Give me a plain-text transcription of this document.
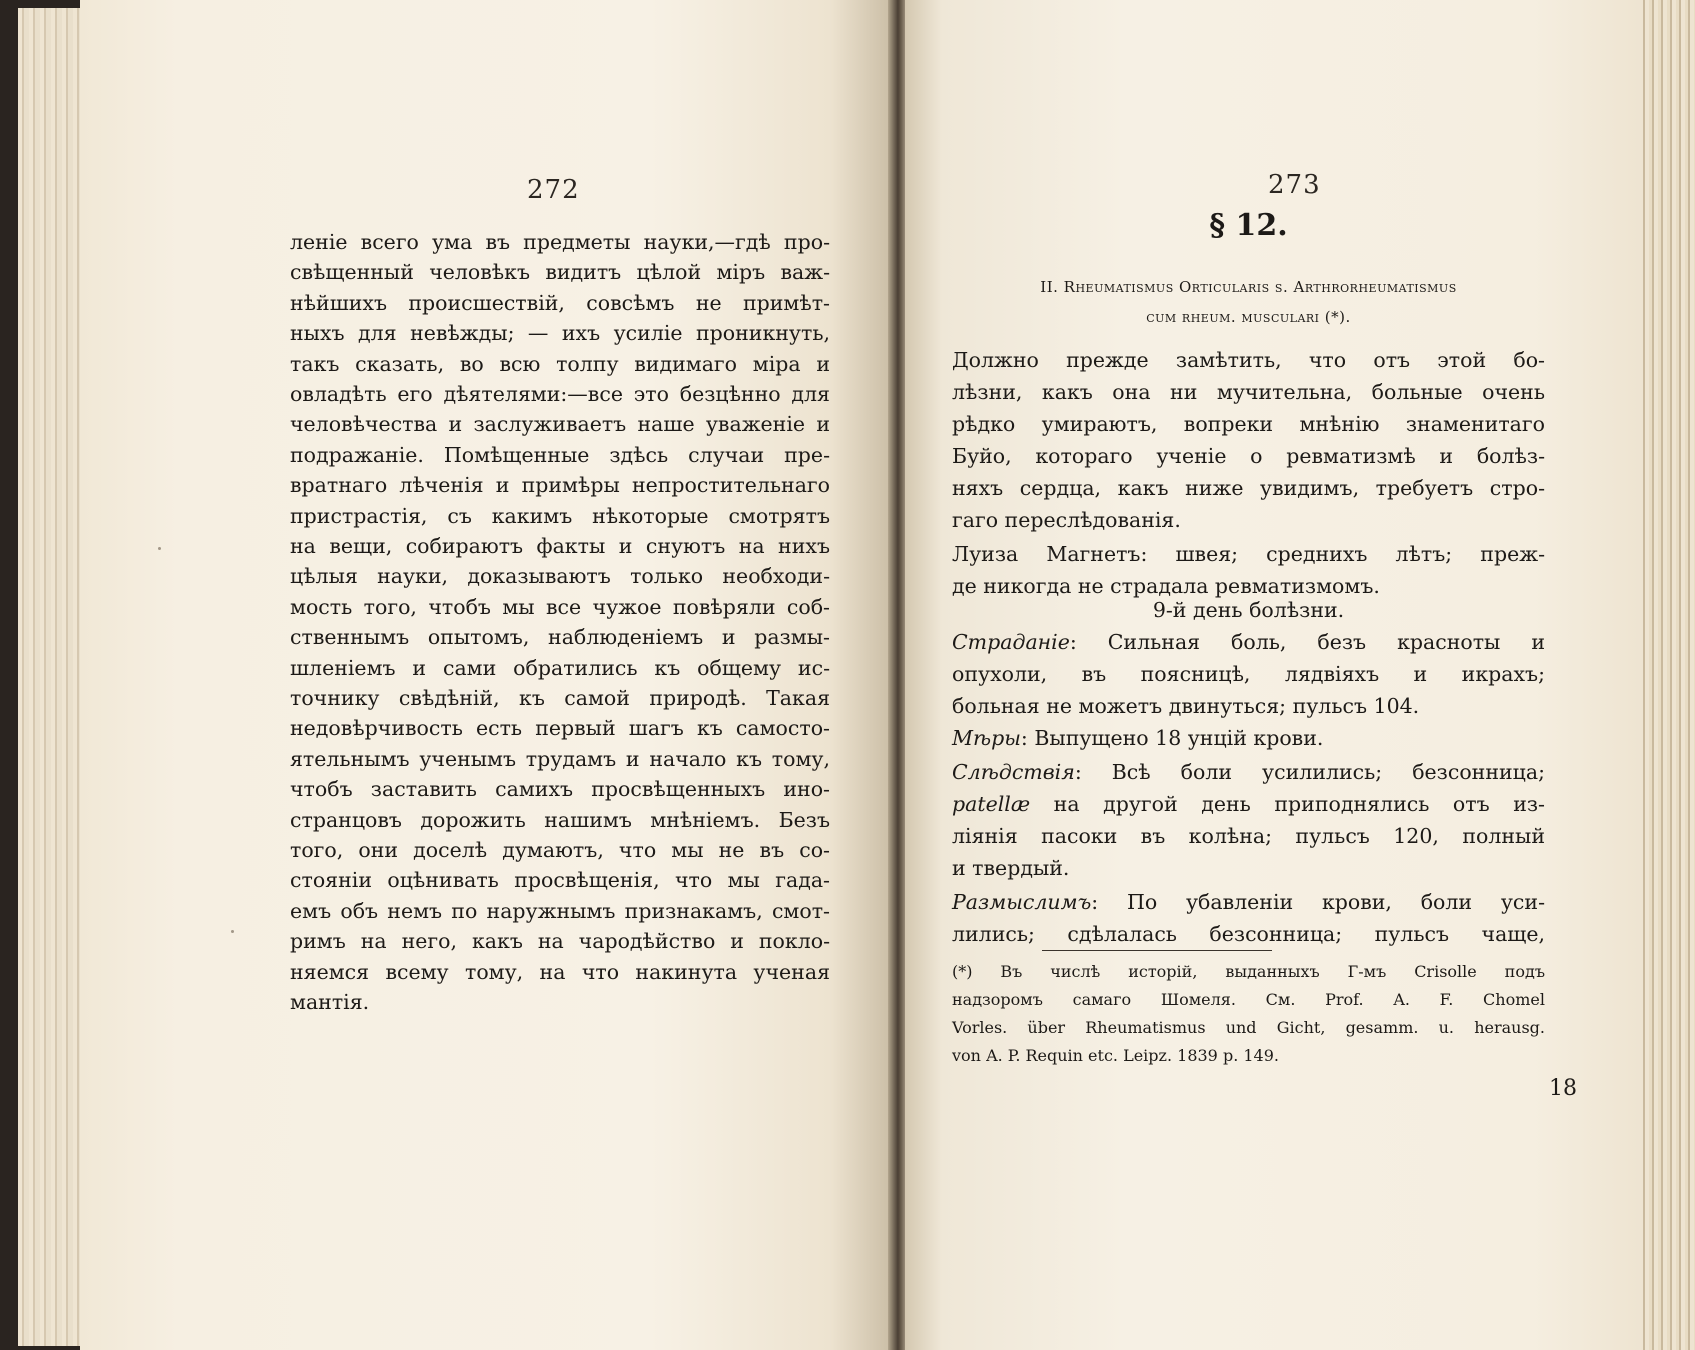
272
леніе всего ума въ предметы науки,—гдѣ про-
свѣщенный человѣкъ видитъ цѣлой міръ важ-
нѣйшихъ происшествій, совсѣмъ не примѣт-
ныхъ для невѣжды; — ихъ усиліе проникнуть,
такъ сказать, во всю толпу видимаго міра и
овладѣть его дѣятелями:—все это безцѣнно для
человѣчества и заслуживаетъ наше уваженіе и
подражаніе. Помѣщенные здѣсь случаи пре-
вратнаго лѣченія и примѣры непростительнаго
пристрастія, съ какимъ нѣкоторые смотрятъ
на вещи, собираютъ факты и снуютъ на нихъ
цѣлыя науки, доказываютъ только необходи-
мость того, чтобъ мы все чужое повѣряли соб-
ственнымъ опытомъ, наблюденіемъ и размы-
шленіемъ и сами обратились къ общему ис-
точнику свѣдѣній, къ самой природѣ. Такая
недовѣрчивость есть первый шагъ къ самосто-
ятельнымъ ученымъ трудамъ и начало къ тому,
чтобъ заставить самихъ просвѣщенныхъ ино-
странцовъ дорожить нашимъ мнѣніемъ. Безъ
того, они доселѣ думаютъ, что мы не въ со-
стояніи оцѣнивать просвѣщенія, что мы гада-
емъ объ немъ по наружнымъ признакамъ, смот-
римъ на него, какъ на чародѣйство и покло-
няемся всему тому, на что накинута ученая
мантія.
273
§ 12.
II. Rheumatismus Orticularis s. Arthrorheumatismus
cum rheum. musculari (*).
Должно прежде замѣтить, что отъ этой бо-
лѣзни, какъ она ни мучительна, больные очень
рѣдко умираютъ, вопреки мнѣнію знаменитаго
Буйо, котораго ученіе о ревматизмѣ и болѣз-
няхъ сердца, какъ ниже увидимъ, требуетъ стро-
гаго переслѣдованія.
Луиза Магнетъ: швея; среднихъ лѣтъ; преж-
де никогда не страдала ревматизмомъ.
9-й день болѣзни.
Страданіе: Сильная боль, безъ красноты и
опухоли, въ поясницѣ, лядвіяхъ и икрахъ;
больная не можетъ двинуться; пульсъ 104.
Мѣры: Выпущено 18 унцій крови.
Слѣдствія: Всѣ боли усилились; безсонница;
patellæ на другой день приподнялись отъ из-
ліянія пасоки въ колѣна; пульсъ 120, полный
и твердый.
Размыслимъ: По убавленіи крови, боли уси-
лились; сдѣлалась безсонница; пульсъ чаще,
(*) Въ числѣ исторій, выданныхъ Г-мъ Crisolle подъ
надзоромъ самаго Шомеля. См. Prof. A. F. Chomel
Vorles. über Rheumatismus und Gicht, gesamm. u. herausg.
von A. P. Requin etc. Leipz. 1839 p. 149.
18
